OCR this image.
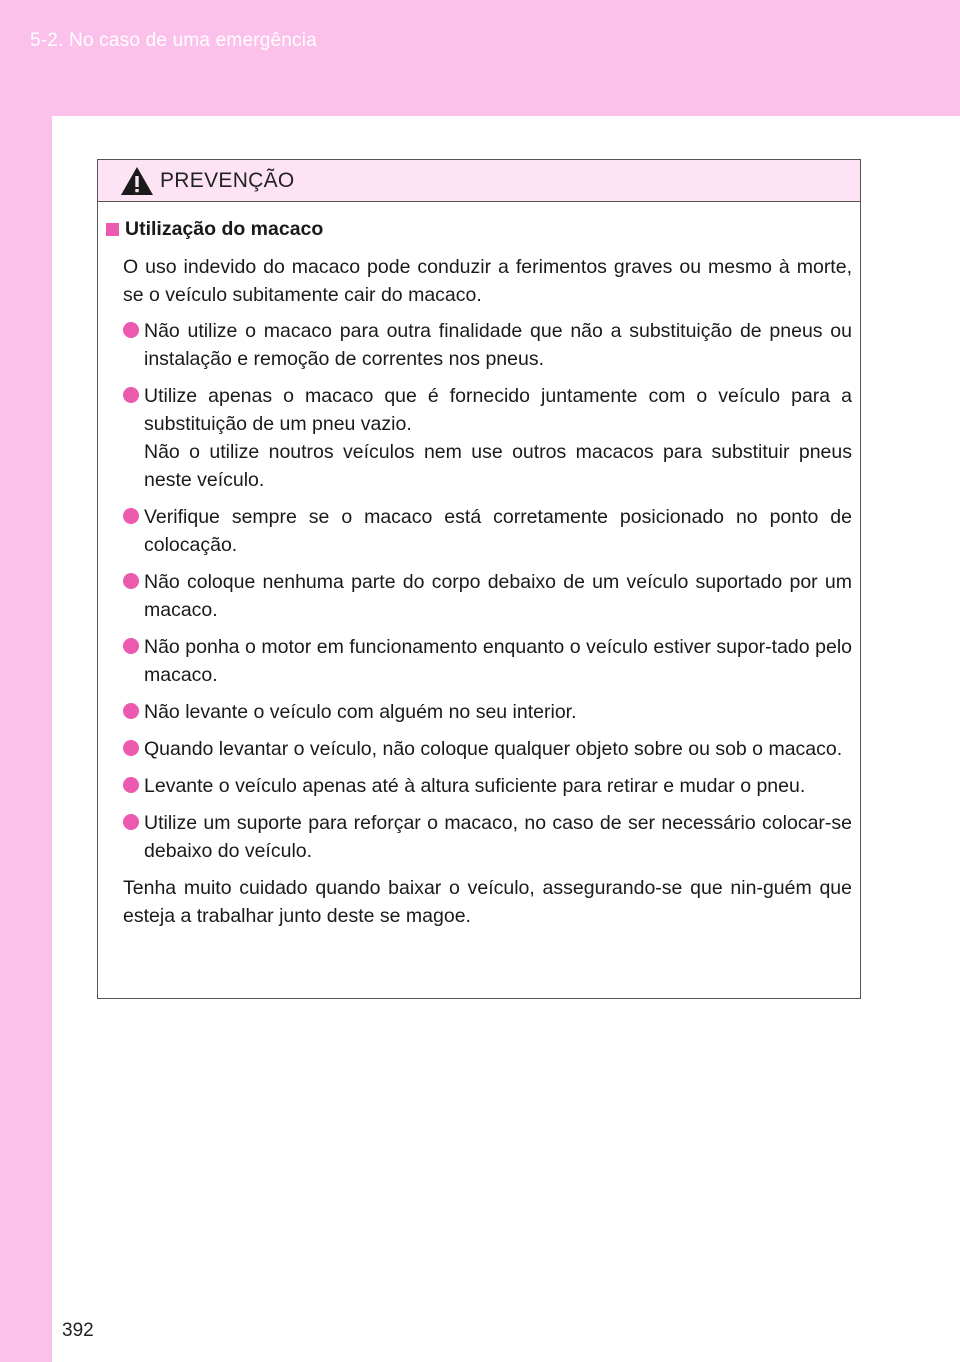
5-2. No caso de uma emergência
PREVENÇÃO
Utilização do macaco

O uso indevido do macaco pode conduzir a ferimentos graves ou mesmo à morte, se o veículo subitamente cair do macaco.

Não utilize o macaco para outra finalidade que não a substituição de pneus ou instalação e remoção de correntes nos pneus.
Utilize apenas o macaco que é fornecido juntamente com o veículo para a substituição de um pneu vazio.
Não o utilize noutros veículos nem use outros macacos para substituir pneus neste veículo.
Verifique sempre se o macaco está corretamente posicionado no ponto de colocação.
Não coloque nenhuma parte do corpo debaixo de um veículo suportado por um macaco.
Não ponha o motor em funcionamento enquanto o veículo estiver supor-tado pelo macaco.
Não levante o veículo com alguém no seu interior.
Quando levantar o veículo, não coloque qualquer objeto sobre ou sob o macaco.
Levante o veículo apenas até à altura suficiente para retirar e mudar o pneu.
Utilize um suporte para reforçar o macaco, no caso de ser necessário colocar-se debaixo do veículo.

Tenha muito cuidado quando baixar o veículo, assegurando-se que nin-guém que esteja a trabalhar junto deste se magoe.

392
